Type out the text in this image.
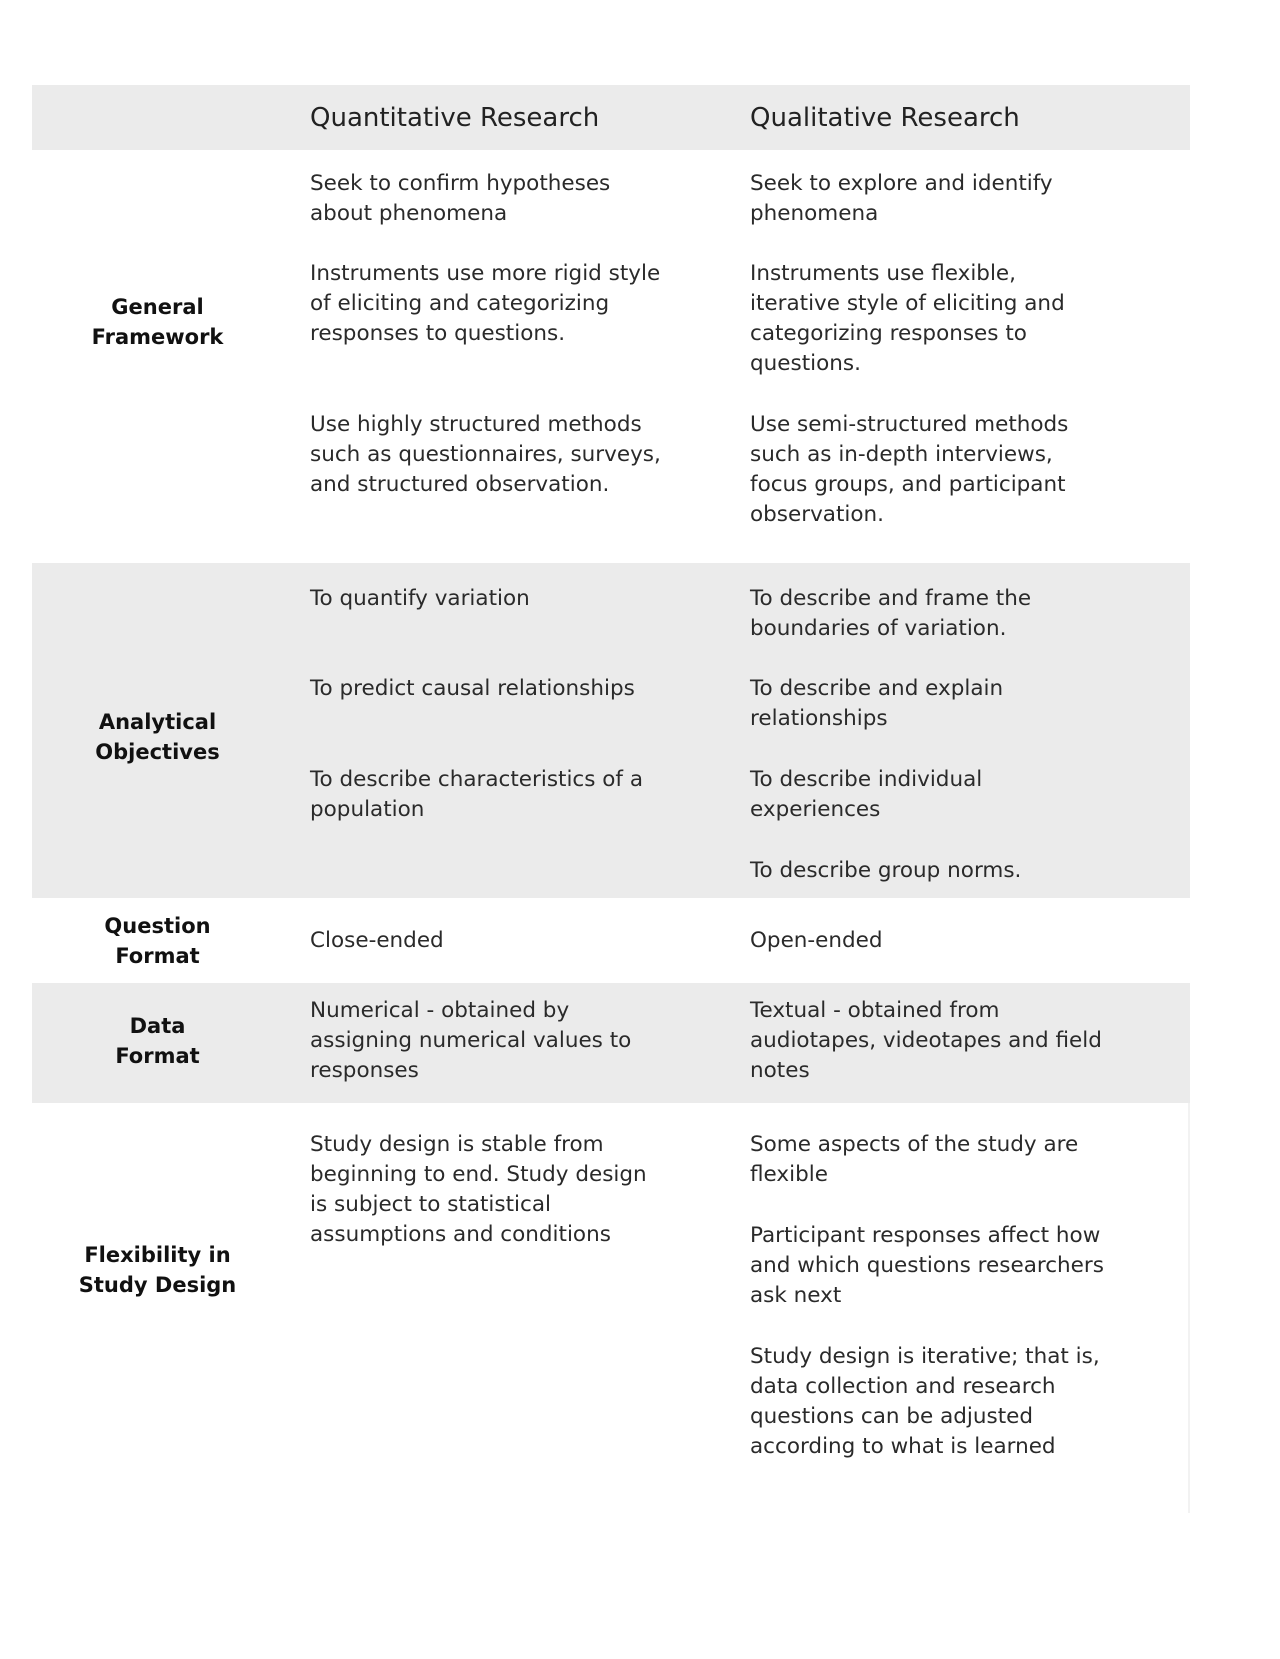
Quantitative Research	Qualitative Research
General
Framework
Seek to confirm hypotheses
about phenomena
Instruments use more rigid style
of eliciting and categorizing
responses to questions.
Use highly structured methods
such as questionnaires, surveys,
and structured observation.
Seek to explore and identify
phenomena
Instruments use flexible,
iterative style of eliciting and
categorizing responses to
questions.
Use semi-structured methods
such as in-depth interviews,
focus groups, and participant
observation.
Analytical
Objectives
To quantify variation
To predict causal relationships
To describe characteristics of a
population
To describe and frame the
boundaries of variation.
To describe and explain
relationships
To describe individual
experiences
To describe group norms.
Question
Format
Close-ended	Open-ended
Data
Format
Numerical - obtained by
assigning numerical values to
responses
Textual - obtained from
audiotapes, videotapes and field
notes
Flexibility in
Study Design
Study design is stable from
beginning to end. Study design
is subject to statistical
assumptions and conditions
Some aspects of the study are
flexible
Participant responses affect how
and which questions researchers
ask next
Study design is iterative; that is,
data collection and research
questions can be adjusted
according to what is learned
